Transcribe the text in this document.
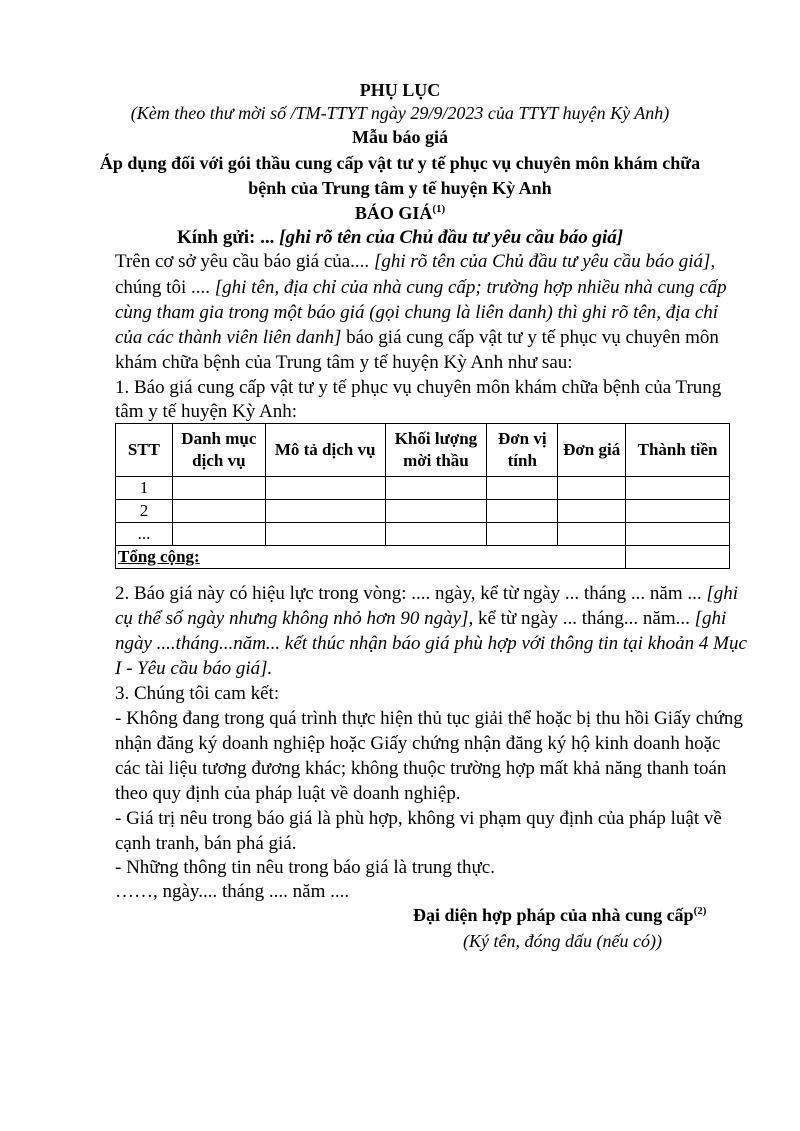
PHỤ LỤC
(Kèm theo thư mời số /TM-TTYT ngày 29/9/2023 của TTYT huyện Kỳ Anh)
Mẫu báo giá
Áp dụng đối với gói thầu cung cấp vật tư y tế phục vụ chuyên môn khám chữa
bệnh của Trung tâm y tế huyện Kỳ Anh
BÁO GIÁ$^{(1)}$
Kính gửi: ... [ghi rõ tên của Chủ đầu tư yêu cầu báo giá]
Trên cơ sở yêu cầu báo giá của.... [ghi rõ tên của Chủ đầu tư yêu cầu báo giá],
chúng tôi .... [ghi tên, địa chỉ của nhà cung cấp; trường hợp nhiều nhà cung cấp
cùng tham gia trong một báo giá (gọi chung là liên danh) thì ghi rõ tên, địa chỉ
của các thành viên liên danh] báo giá cung cấp vật tư y tế phục vụ chuyên môn
khám chữa bệnh của Trung tâm y tế huyện Kỳ Anh như sau:
1. Báo giá cung cấp vật tư y tế phục vụ chuyên môn khám chữa bệnh của Trung
tâm y tế huyện Kỳ Anh:
STT	Danh mục dịch vụ	Mô tả dịch vụ	Khối lượng mời thầu	Đơn vị tính	Đơn giá	Thành tiền
1						
2						
...						
Tổng cộng:						
2. Báo giá này có hiệu lực trong vòng: .... ngày, kể từ ngày ... tháng ... năm ... [ghi
cụ thể số ngày nhưng không nhỏ hơn 90 ngày], kể từ ngày ... tháng... năm... [ghi
ngày ....tháng...năm... kết thúc nhận báo giá phù hợp với thông tin tại khoản 4 Mục
I - Yêu cầu báo giá].
3. Chúng tôi cam kết:
- Không đang trong quá trình thực hiện thủ tục giải thể hoặc bị thu hồi Giấy chứng
nhận đăng ký doanh nghiệp hoặc Giấy chứng nhận đăng ký hộ kinh doanh hoặc
các tài liệu tương đương khác; không thuộc trường hợp mất khả năng thanh toán
theo quy định của pháp luật về doanh nghiệp.
- Giá trị nêu trong báo giá là phù hợp, không vi phạm quy định của pháp luật về
cạnh tranh, bán phá giá.
- Những thông tin nêu trong báo giá là trung thực.
……, ngày.... tháng .... năm ....
Đại diện hợp pháp của nhà cung cấp$^{(2)}$
(Ký tên, đóng dấu (nếu có))
